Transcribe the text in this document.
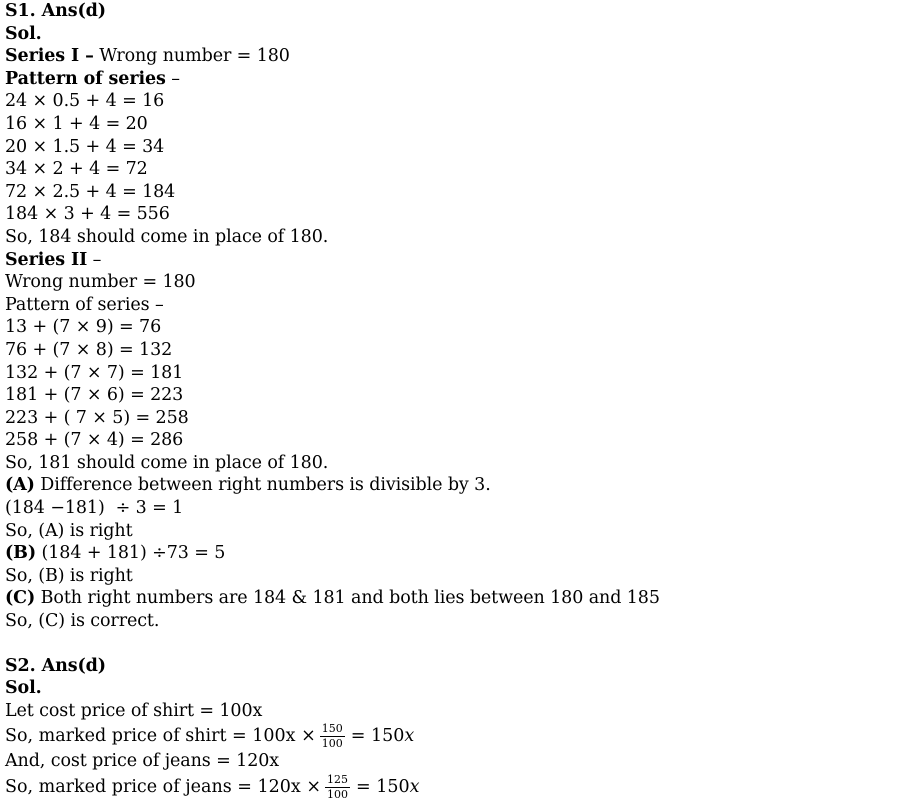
S1. Ans(d)
Sol.
Series I – Wrong number = 180
Pattern of series –
24 × 0.5 + 4 = 16
16 × 1 + 4 = 20
20 × 1.5 + 4 = 34
34 × 2 + 4 = 72
72 × 2.5 + 4 = 184
184 × 3 + 4 = 556
So, 184 should come in place of 180.
Series II –
Wrong number = 180
Pattern of series –
13 + (7 × 9) = 76
76 + (7 × 8) = 132
132 + (7 × 7) = 181
181 + (7 × 6) = 223
223 + ( 7 × 5) = 258
258 + (7 × 4) = 286
So, 181 should come in place of 180.
(A) Difference between right numbers is divisible by 3.
(184 −181)  ÷ 3 = 1
So, (A) is right
(B) (184 + 181) ÷73 = 5
So, (B) is right
(C) Both right numbers are 184 & 181 and both lies between 180 and 185
So, (C) is correct.
S2. Ans(d)
Sol.
Let cost price of shirt = 100x
So, marked price of shirt = $100x \times \frac{150}{100} = 150$ x
And, cost price of jeans = 120x
So, marked price of jeans = $120x \times \frac{125}{100} = 150$ x
